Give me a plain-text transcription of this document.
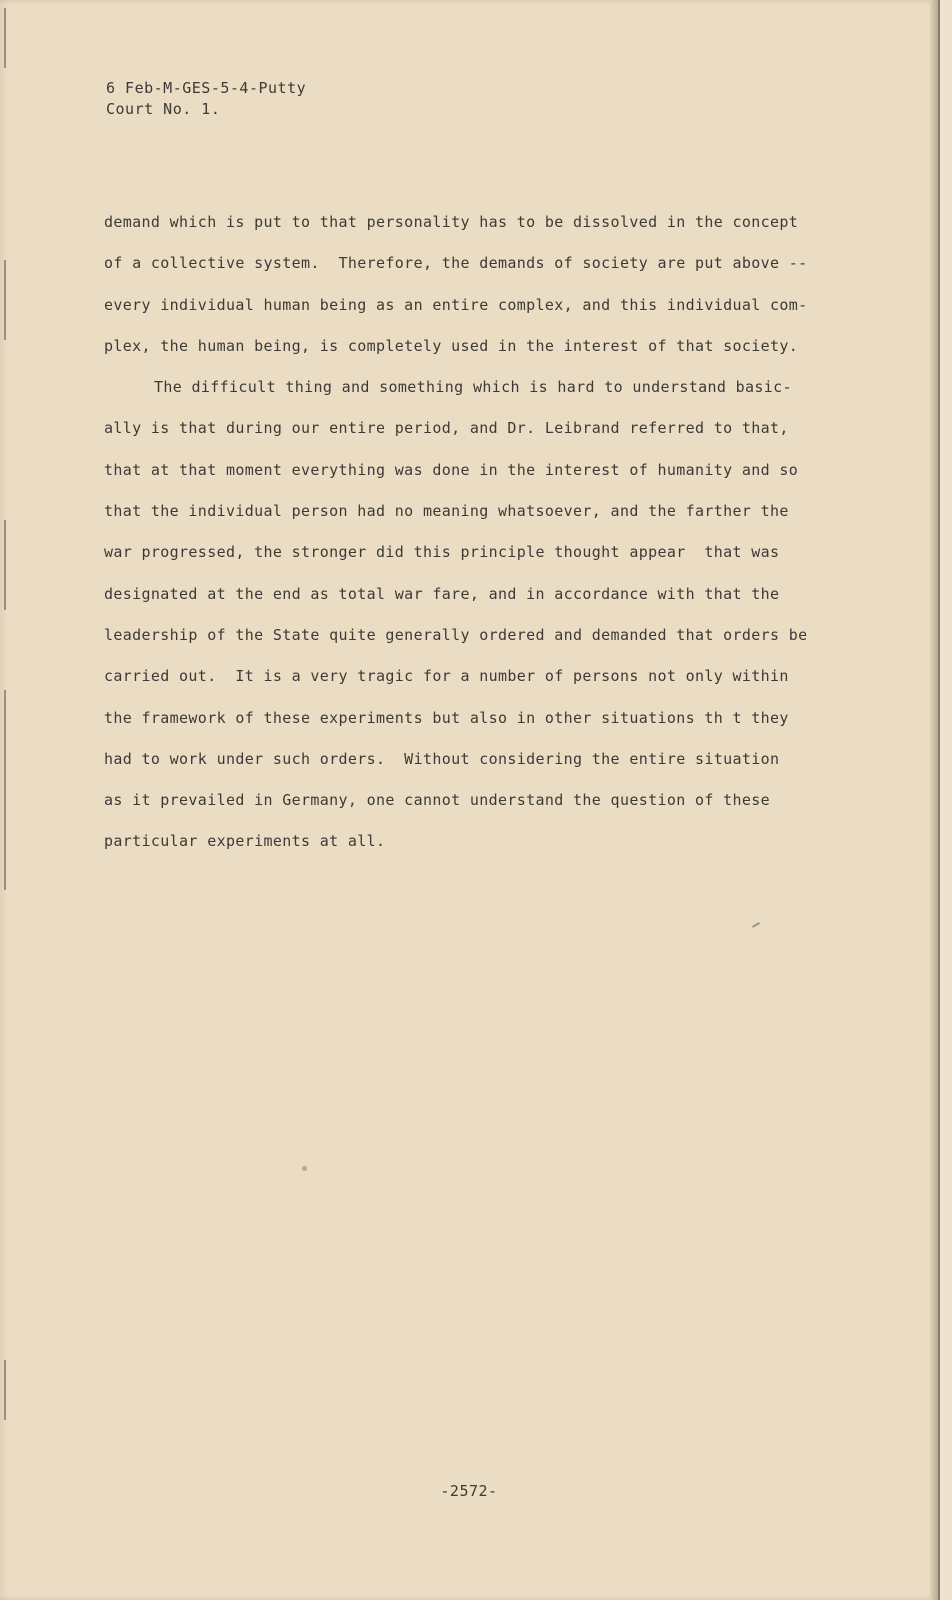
6 Feb-M-GES-5-4-Putty
Court No. 1.
demand which is put to that personality has to be dissolved in the concept
of a collective system.  Therefore, the demands of society are put above --
every individual human being as an entire complex, and this individual com-
plex, the human being, is completely used in the interest of that society.
The difficult thing and something which is hard to understand basic-
ally is that during our entire period, and Dr. Leibrand referred to that,
that at that moment everything was done in the interest of humanity and so
that the individual person had no meaning whatsoever, and the farther the
war progressed, the stronger did this principle thought appear  that was
designated at the end as total war fare, and in accordance with that the
leadership of the State quite generally ordered and demanded that orders be
carried out.  It is a very tragic for a number of persons not only within
the framework of these experiments but also in other situations th t they
had to work under such orders.  Without considering the entire situation
as it prevailed in Germany, one cannot understand the question of these
particular experiments at all.
-2572-
